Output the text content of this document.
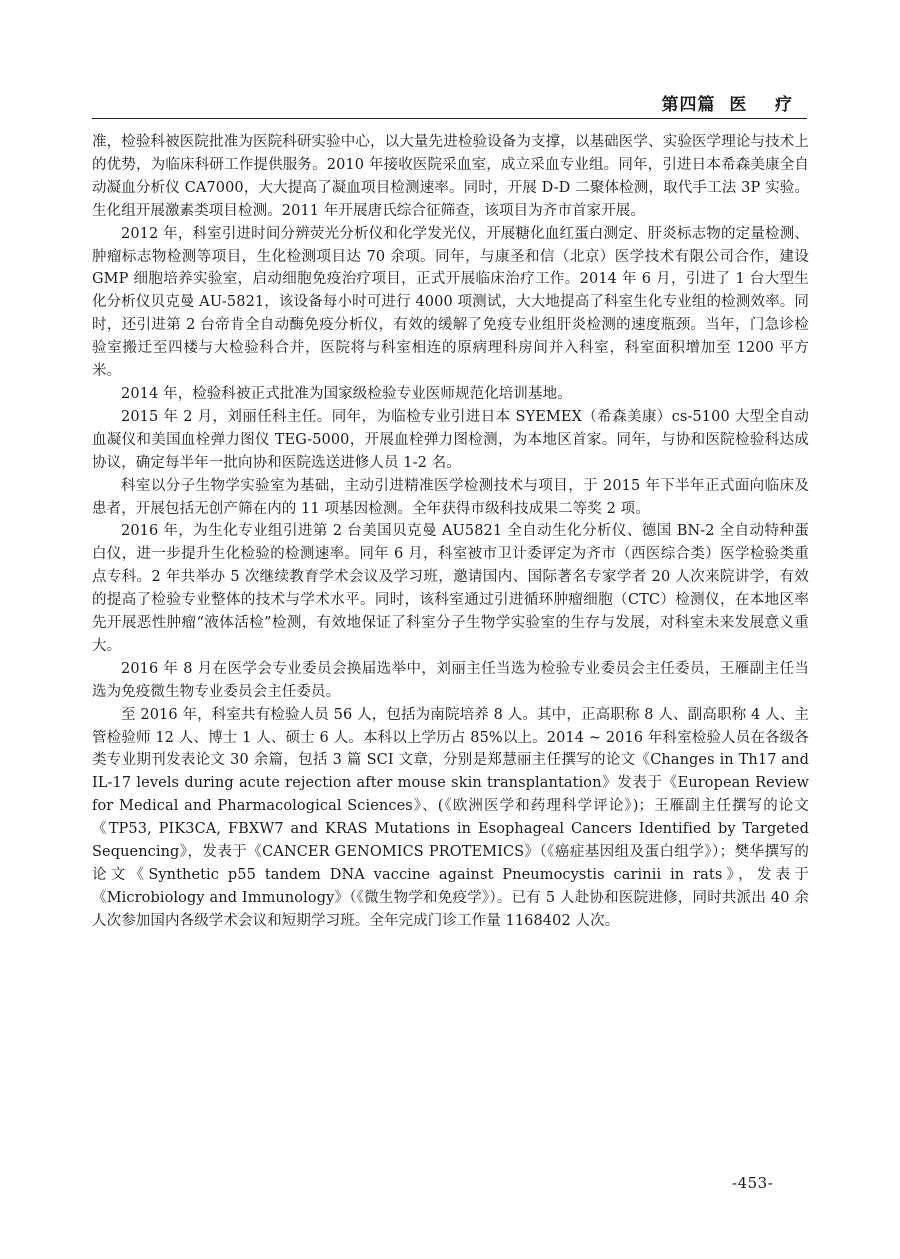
第四篇  医    疗

准，检验科被医院批准为医院科研实验中心，以大量先进检验设备为支撑，以基础医学、实验医学理论与技术上的优势，为临床科研工作提供服务。2010 年接收医院采血室，成立采血专业组。同年，引进日本希森美康全自动凝血分析仪 CA7000，大大提高了凝血项目检测速率。同时，开展 D-D 二聚体检测，取代手工法 3P 实验。生化组开展激素类项目检测。2011 年开展唐氏综合征筛查，该项目为齐市首家开展。

2012 年，科室引进时间分辨荧光分析仪和化学发光仪，开展糖化血红蛋白测定、肝炎标志物的定量检测、肿瘤标志物检测等项目，生化检测项目达 70 余项。同年，与康圣和信（北京）医学技术有限公司合作，建设 GMP 细胞培养实验室，启动细胞免疫治疗项目，正式开展临床治疗工作。2014 年 6 月，引进了 1 台大型生化分析仪贝克曼 AU-5821，该设备每小时可进行 4000 项测试，大大地提高了科室生化专业组的检测效率。同时，还引进第 2 台帝肯全自动酶免疫分析仪，有效的缓解了免疫专业组肝炎检测的速度瓶颈。当年，门急诊检验室搬迁至四楼与大检验科合并，医院将与科室相连的原病理科房间并入科室，科室面积增加至 1200 平方米。

2014 年，检验科被正式批准为国家级检验专业医师规范化培训基地。

2015 年 2 月，刘丽任科主任。同年，为临检专业引进日本 SYEMEX（希森美康）cs-5100 大型全自动血凝仪和美国血栓弹力图仪 TEG-5000，开展血栓弹力图检测，为本地区首家。同年，与协和医院检验科达成协议，确定每半年一批向协和医院选送进修人员 1-2 名。

科室以分子生物学实验室为基础，主动引进精准医学检测技术与项目，于 2015 年下半年正式面向临床及患者，开展包括无创产筛在内的 11 项基因检测。全年获得市级科技成果二等奖 2 项。

2016 年，为生化专业组引进第 2 台美国贝克曼 AU5821 全自动生化分析仪、德国 BN-2 全自动特种蛋白仪，进一步提升生化检验的检测速率。同年 6 月，科室被市卫计委评定为齐市（西医综合类）医学检验类重点专科。2 年共举办 5 次继续教育学术会议及学习班，邀请国内、国际著名专家学者 20 人次来院讲学，有效的提高了检验专业整体的技术与学术水平。同时，该科室通过引进循环肿瘤细胞（CTC）检测仪，在本地区率先开展恶性肿瘤“液体活检”检测，有效地保证了科室分子生物学实验室的生存与发展，对科室未来发展意义重大。

2016 年 8 月在医学会专业委员会换届选举中，刘丽主任当选为检验专业委员会主任委员，王雁副主任当选为免疫微生物专业委员会主任委员。

至 2016 年，科室共有检验人员 56 人，包括为南院培养 8 人。其中，正高职称 8 人、副高职称 4 人、主管检验师 12 人、博士 1 人、硕士 6 人。本科以上学历占 85%以上。2014 ~ 2016 年科室检验人员在各级各类专业期刊发表论文 30 余篇，包括 3 篇 SCI 文章，分别是郑慧丽主任撰写的论文《Changes in Th17 and IL-17 levels during acute rejection after mouse skin transplantation》发表于《European Review for Medical and Pharmacological Sciences》、(《欧洲医学和药理科学评论》)；王雁副主任撰写的论文《TP53, PIK3CA, FBXW7 and KRAS Mutations in Esophageal Cancers Identified by Targeted Sequencing》，发表于《CANCER GENOMICS PROTEMICS》（《癌症基因组及蛋白组学》）；樊华撰写的论文《Synthetic p55 tandem DNA vaccine against Pneumocystis carinii in rats》，发表于《Microbiology and Immunology》（《微生物学和免疫学》）。已有 5 人赴协和医院进修，同时共派出 40 余人次参加国内各级学术会议和短期学习班。全年完成门诊工作量 1168402 人次。

-453-
